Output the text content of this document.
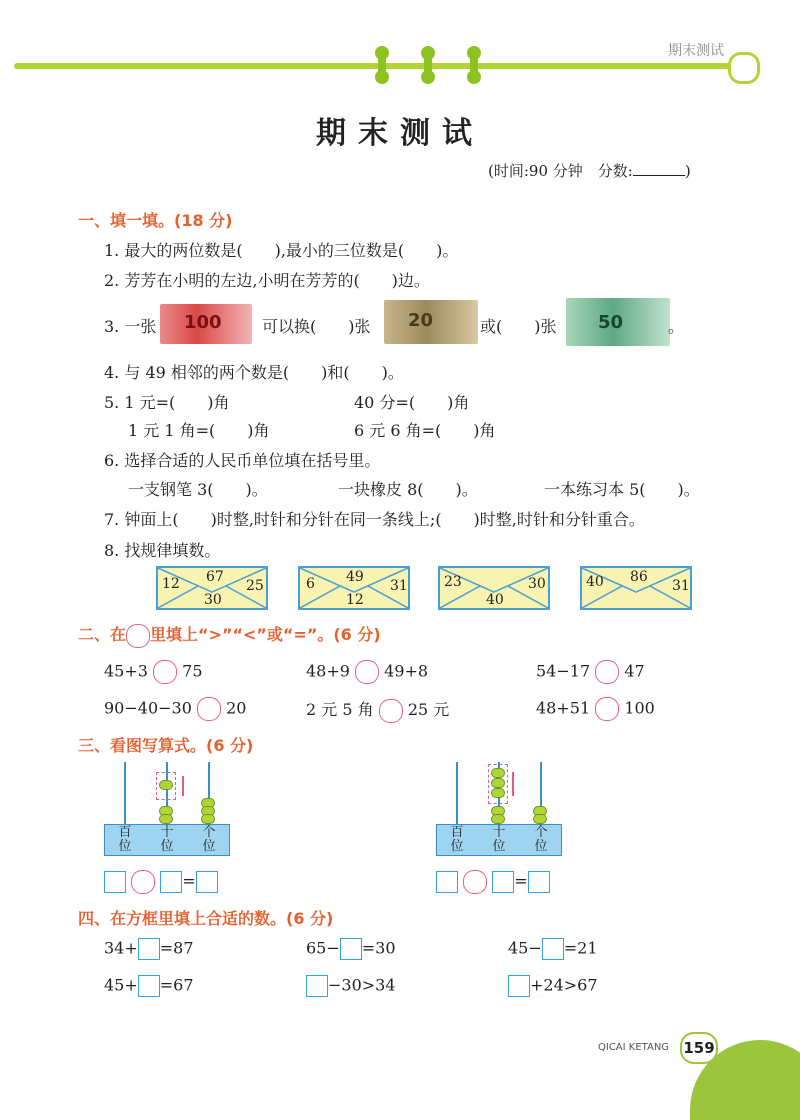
期末测试
期末测试
(时间:90 分钟　分数:	)
一、填一填。(18 分)
1. 最大的两位数是(　　),最小的三位数是(　　)。
2. 芳芳在小明的左边,小明在芳芳的(　　)边。
3. 一张 100	可以换(　　)张 20	或(　　)张 50	。
4. 与 49 相邻的两个数是(　　)和(　　)。
5. 1 元=(　　)角	40 分=(　　)角
1 元 1 角=(　　)角	6 元 6 角=(　　)角
6. 选择合适的人民币单位填在括号里。
一支钢笔 3(　　)。	一块橡皮 8(　　)。	一本练习本 5(　　)。
7. 钟面上(　　)时整,时针和分针在同一条线上;(　　)时整,时针和分针重合。
8. 找规律填数。
12 67
25
30
6 49
31
12
23	30
40
40 86
31
二、在 里填上“>”“<”或“=”。(6 分)
45+3 75	48+9 49+8	54−17 47
90−40−30 20	2 元 5 角 25 元	48+51 100
三、看图写算式。(6 分)
百
位
十
位
个
位
=
百
位
十
位
个
位
=
四、在方框里填上合适的数。(6 分)
34+ =87	65− =30	45− =21
45+ =67	−30>34	+24>67
QICAI KETANG 159
